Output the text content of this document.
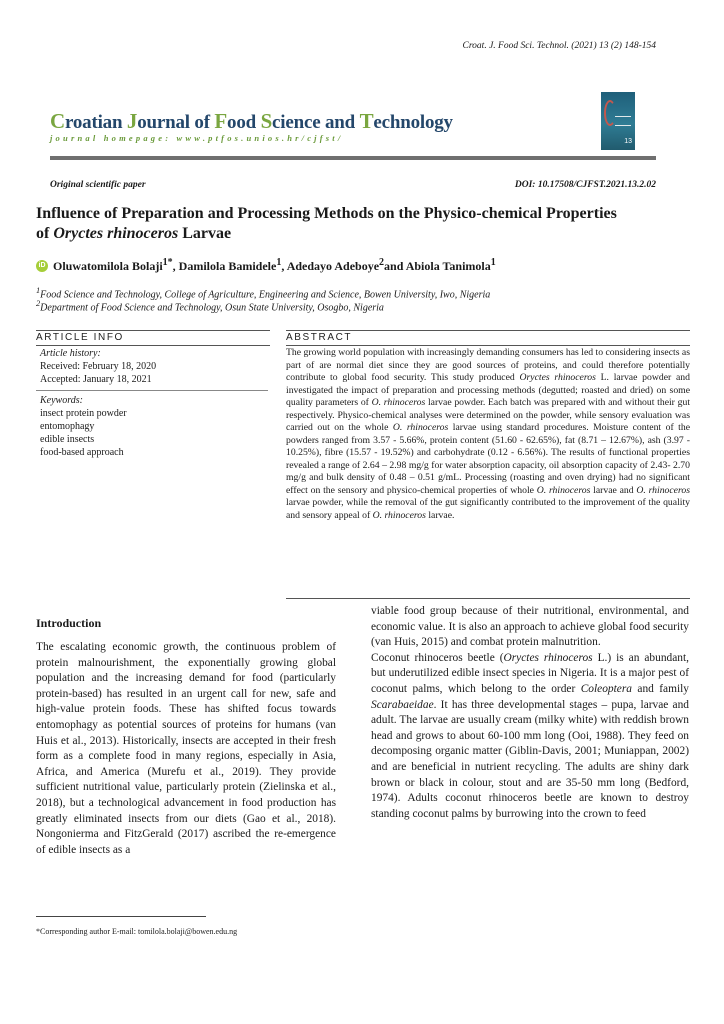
Croat. J. Food Sci. Technol. (2021) 13 (2) 148-154
Croatian Journal of Food Science and Technology
journal homepage: www.ptfos.unios.hr/cjfst/	13
Original scientific paper	DOI: 10.17508/CJFST.2021.13.2.02
Influence of Preparation and Processing Methods on the Physico-chemical Properties
of Oryctes rhinoceros Larvae
iD Oluwatomilola Bolaji$^{1*}$, Damilola Bamidele$^1$, Adedayo Adeboye$^2$and Abiola Tanimola$^1$
$^1$Food Science and Technology, College of Agriculture, Engineering and Science, Bowen University, Iwo, Nigeria
$^2$Department of Food Science and Technology, Osun State University, Osogbo, Nigeria
ARTICLE INFO	ABSTRACT
Article history:
Received: February 18, 2020
Accepted: January 18, 2021
Keywords:
insect protein powder
entomophagy
edible insects
food-based approach
The growing world population with increasingly demanding consumers has led to considering insects as part of are normal diet since they are good sources of proteins, and could therefore potentially contribute to global food security. This study produced Oryctes rhinoceros L. larvae powder and investigated the impact of preparation and processing methods (degutted; roasted and dried) on some quality parameters of O. rhinoceros larvae powder. Each batch was prepared with and without their gut respectively. Physico-chemical analyses were determined on the powder, while sensory evaluation was carried out on the whole O. rhinoceros larvae using standard procedures. Moisture content of the powders ranged from 3.57 - 5.66%, protein content (51.60 - 62.65%), fat (8.71 – 12.67%), ash (3.97 - 10.25%), fibre (15.57 - 19.52%) and carbohydrate (0.12 - 6.56%). The results of functional properties revealed a range of 2.64 – 2.98 mg/g for water absorption capacity, oil absorption capacity of 2.43- 2.70 mg/g and bulk density of 0.48 – 0.51 g/mL. Processing (roasting and oven drying) had no significant effect on the sensory and physico-chemical properties of whole O. rhinoceros larvae and O. rhinoceros larvae powder, while the removal of the gut significantly contributed to the improvement of the quality and sensory appeal of O. rhinoceros larvae.
Introduction

The escalating economic growth, the continuous problem of protein malnourishment, the exponentially growing global population and the increasing demand for food (particularly protein-based) has resulted in an urgent call for new, safe and high-value protein foods. These has shifted focus towards entomophagy as potential sources of proteins for humans (van Huis et al., 2013). Historically, insects are accepted in their fresh form as a complete food in many regions, especially in Asia, Africa, and America (Murefu et al., 2019). They provide sufficient nutritional value, particularly protein (Zielinska et al., 2018), but a technological advancement in food production has greatly eliminated insects from our diets (Gao et al., 2018). Nongonierma and FitzGerald (2017) ascribed the re-emergence of edible insects as a

viable food group because of their nutritional, environmental, and economic value. It is also an approach to achieve global food security (van Huis, 2015) and combat protein malnutrition.

Coconut rhinoceros beetle (Oryctes rhinoceros L.) is an abundant, but underutilized edible insect species in Nigeria. It is a major pest of coconut palms, which belong to the order Coleoptera and family Scarabaeidae. It has three developmental stages – pupa, larvae and adult. The larvae are usually cream (milky white) with reddish brown head and grows to about 60-100 mm long (Ooi, 1988). They feed on decomposing organic matter (Giblin-Davis, 2001; Muniappan, 2002) and are beneficial in nutrient recycling. The adults are shiny dark brown or black in colour, stout and are 35-50 mm long (Bedford, 1974). Adults coconut rhinoceros beetle are known to destroy standing coconut palms by burrowing into the crown to feed

*Corresponding author E-mail: tomilola.bolaji@bowen.edu.ng
